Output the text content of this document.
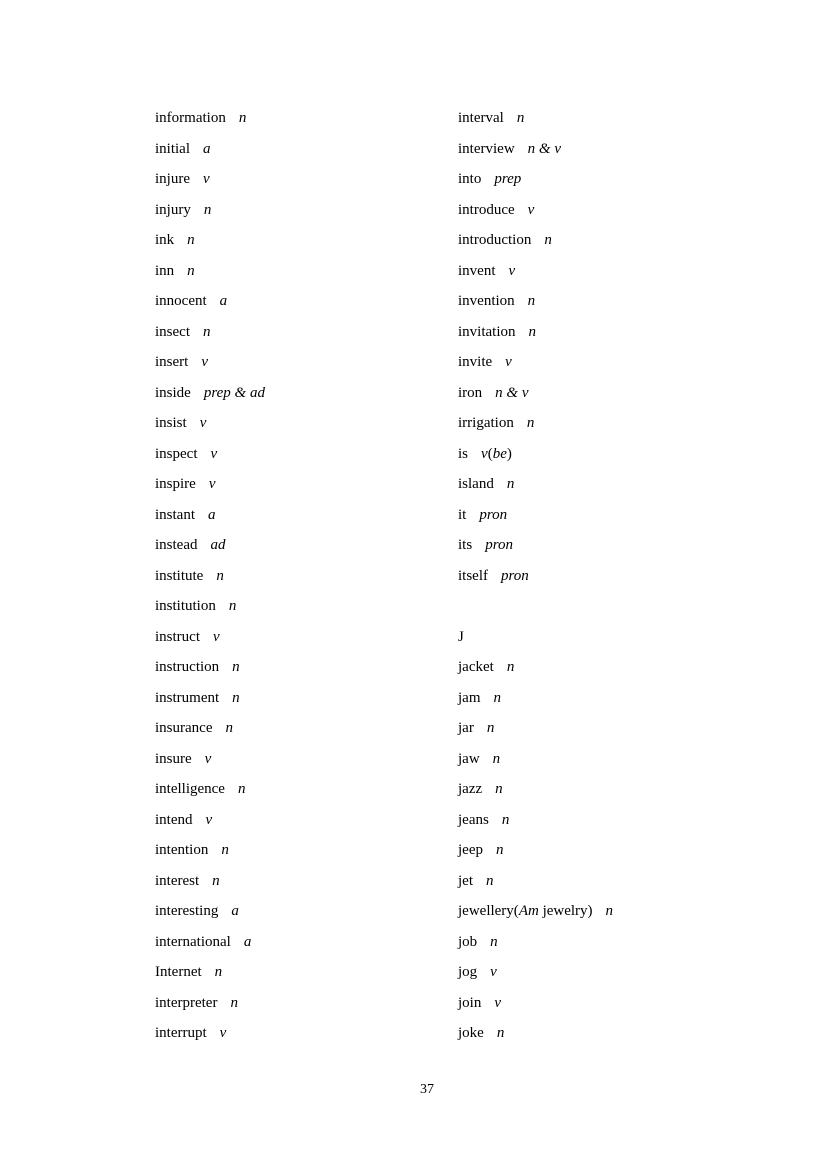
information n
initial a
injure v
injury n
ink n
inn n
innocent a
insect n
insert v
inside prep & ad
insist v
inspect v
inspire v
instant a
instead ad
institute n
institution n
instruct v
instruction n
instrument n
insurance n
insure v
intelligence n
intend v
intention n
interest n
interesting a
international a
Internet n
interpreter n
interrupt v
interval n
interview n & v
into prep
introduce v
introduction n
invent v
invention n
invitation n
invite v
iron n & v
irrigation n
is v(be)
island n
it pron
its pron
itself pron
J
jacket n
jam n
jar n
jaw n
jazz n
jeans n
jeep n
jet n
jewellery(Am jewelry) n
job n
jog v
join v
joke n
37
